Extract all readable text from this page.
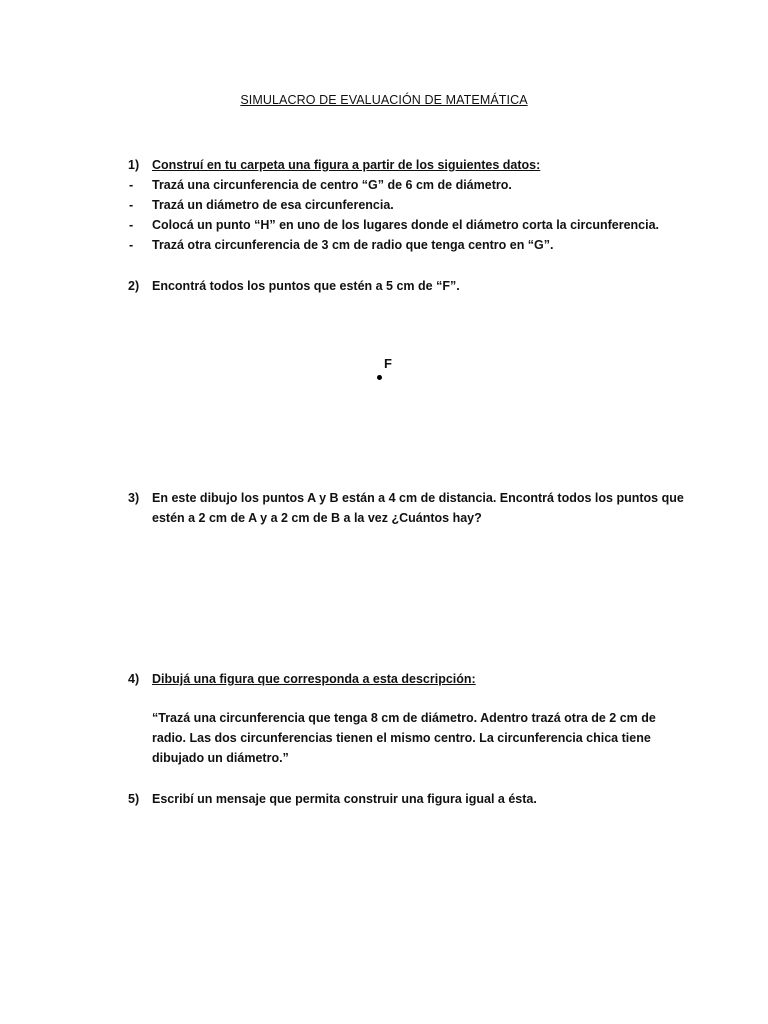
SIMULACRO DE EVALUACIÓN DE MATEMÁTICA
1) Construí en tu carpeta una figura a partir de los siguientes datos:
- Trazá una circunferencia de centro “G” de 6 cm de diámetro.
- Trazá un diámetro de esa circunferencia.
- Colocá un punto “H” en uno de los lugares donde el diámetro corta la circunferencia.
- Trazá otra circunferencia de 3 cm de radio que tenga centro en “G”.
2) Encontrá todos los puntos que estén a 5 cm de “F”.
F
3) En este dibujo los puntos A y B están a 4 cm de distancia. Encontrá todos los puntos que
estén a 2 cm de A y a 2 cm de B a la vez ¿Cuántos hay?
4) Dibujá una figura que corresponda a esta descripción:
“Trazá una circunferencia que tenga 8 cm de diámetro. Adentro trazá otra de 2 cm de
radio. Las dos circunferencias tienen el mismo centro. La circunferencia chica tiene
dibujado un diámetro.”
5) Escribí un mensaje que permita construir una figura igual a ésta.
